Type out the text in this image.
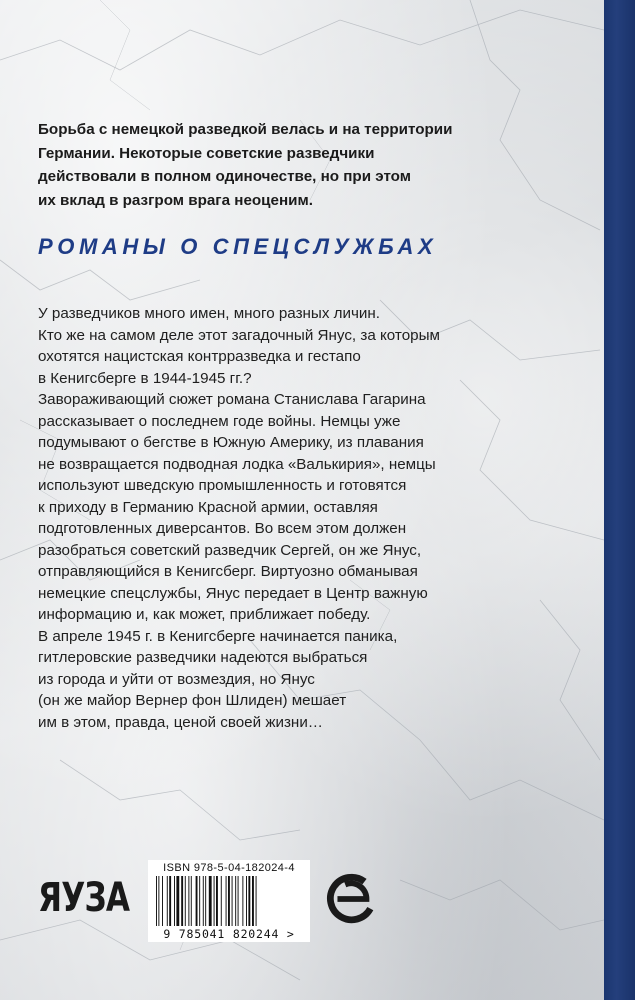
Борьба с немецкой разведкой велась и на территории
Германии. Некоторые советские разведчики
действовали в полном одиночестве, но при этом
их вклад в разгром врага неоценим.
РОМАНЫ О СПЕЦСЛУЖБАХ
У разведчиков много имен, много разных личин.
Кто же на самом деле этот загадочный Янус, за которым
охотятся нацистская контрразведка и гестапо
в Кенигсберге в 1944-1945 гг.?
Завораживающий сюжет романа Станислава Гагарина
рассказывает о последнем годе войны. Немцы уже
подумывают о бегстве в Южную Америку, из плавания
не возвращается подводная лодка «Валькирия», немцы
используют шведскую промышленность и готовятся
к приходу в Германию Красной армии, оставляя
подготовленных диверсантов. Во всем этом должен
разобраться советский разведчик Сергей, он же Янус,
отправляющийся в Кенигсберг. Виртуозно обманывая
немецкие спецслужбы, Янус передает в Центр важную
информацию и, как может, приближает победу.
В апреле 1945 г. в Кенигсберге начинается паника,
гитлеровские разведчики надеются выбраться
из города и уйти от возмездия, но Янус
(он же майор Вернер фон Шлиден) мешает
им в этом, правда, ценой своей жизни…
ЯУЗА
ISBN 978-5-04-182024-4
9 785041 820244 >
